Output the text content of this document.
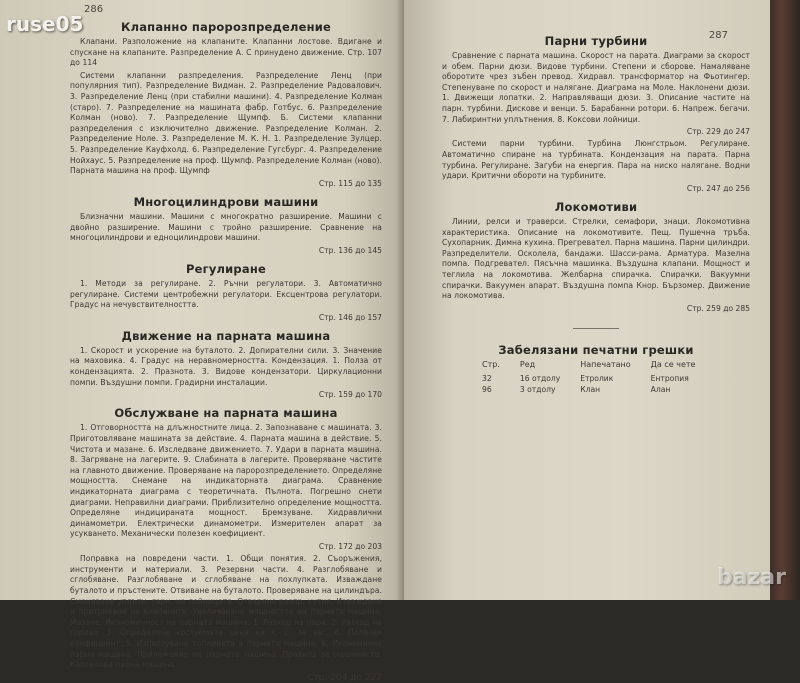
286
Клапанно паророзпределение

Клапани. Разположение на клапаните. Клапанни лостове. Вдигане и спускане на клапаните. Разпределение А. С принудено движение. Стр. 107 до 114

Системи клапанни разпределения. Разпределение Ленц (при популярния тип). Разпределение Видман. 2. Разпределение Радовалович. 3. Разпределение Ленц (при стабилни машини). 4. Разпределение Колман (старо). 7. Разпределение на машината фабр. Готбус. 6. Разпределение Колман (ново). 7. Разпределение Щумпф. Б. Системи клапанни разпределения с изключително движение. Разпределение Колман. 2. Разпределение Ноле. 3. Разпределение М. К. Н. 1. Разпределение Зулцер. 5. Разпределение Кауфхолд. 6. Разпределение Гугсбург. 4. Разпределение Нойхаус. 5. Разпределение на проф. Щумпф. Разпределение Колман (ново). Парната машина на проф. Щумпф

Стр. 115 до 135
Многоцилиндрови машини

Близначни машини. Машини с многократно разширение. Машини с двойно разширение. Машини с тройно разширение. Сравнение на многоцилиндрови и едноцилиндрови машини.

Стр. 136 до 145
Регулиране

1. Методи за регулиране. 2. Ръчни регулатори. 3. Автоматично регулиране. Системи центробежни регулатори. Ексцентрова регулатори. Градус на нечувствителността.

Стр. 146 до 157
Движение на парната машина

1. Скорост и ускорение на буталото. 2. Допирателни сили. 3. Значение на маховика. 4. Градус на неравномерността. Кондензация. 1. Полза от кондензацията. 2. Празнота. 3. Видове кондензатори. Циркулационни помпи. Въздушни помпи. Градирни инсталации.

Стр. 159 до 170
Обслужване на парната машина

1. Отговорността на длъжностните лица. 2. Запознаване с машината. 3. Приготовляване машината за действие. 4. Парната машина в действие. 5. Чистота и мазане. 6. Изследване движението. 7. Удари в парната машина. 8. Загряване на лагерите. 9. Слабината в лагерите. Проверяване частите на главното движение. Проверяване на паророзпределението. Определяне мощността. Снемане на индикаторната диаграма. Сравнение индикаторната диаграма с теоретичната. Пълнота. Погрешно снети диаграми. Неправилни диаграми. Приблизително определение мощността. Определяне индицираната мощност. Бремзуване. Хидравлични динамометри. Електрически динамометри. Измерителен апарат за усукването. Механически полезен коефициент.

Стр. 172 до 203

Поправка на повредени части. 1. Общи понятия. 2. Съоръжения, инструменти и материали. 3. Резервни части. 4. Разглобяване и сглобяване. Разглобяване и сглобяване на похлупката. Изваждане буталото и пръстените. Отвиване на буталото. Проверяване на цилиндъра. Сменяване уплътн. гарн. на лойницата. Отваряне разпр. кутия. Изваждане и притриване на клапаните. Увеличаване мощността на парната машина. Мазане. Икономичност на парната машина. 1. Разход на пара. 2. Разход на гориво. 3. Определяне костуемата цена на к. с. за час. 4. Полезен коефициент. 5. Използуване топлината в парната машина. 6. Икономична парна машина. Приложение на парната машина. Правила за машиниста. Капселова парна машина.

Стр. 204 до 227
287
Парни турбини

Сравнение с парната машина. Скорост на парата. Диаграми за скорост и обем. Парни дюзи. Видове турбини. Степени и сборове. Намаляване оборотите чрез зъбен превод. Хидравл. трансформатор на Фьотингер. Степенуване по скорост и налягане. Диаграма на Моле. Наклонени дюзи. 1. Движещи лопатки. 2. Направляващи дюзи. 3. Описание частите на парн. турбини. Дискове и венци. 5. Барабанни ротори. 6. Напреж. бегачи. 7. Лабиринтни уплътнения. 8. Коксови лойници.

Стр. 229 до 247

Системи парни турбини. Турбина Люнгстрьом. Регулиране. Автоматично спиране на турбината. Кондензация на парата. Парна турбина. Регулиране. Загуби на енергия. Пара на ниско налягане. Водни удари. Критични обороти на турбините.

Стр. 247 до 256
Локомотиви

Линии, релси и траверси. Стрелки, семафори, знаци. Локомотивна характеристика. Описание на локомотивите. Пещ. Пушечна тръба. Сухопарник. Димна кухина. Прегревател. Парна машина. Парни цилиндри. Разпределители. Осколела, бандажи. Шасси-рама. Арматура. Мазелна помпа. Подгревател. Пясъчна машинка. Въздушна клапани. Мощност и теглила на локомотива. Желбарна спирачка. Спирачки. Вакуумни спирачки. Вакуумен апарат. Въздушна помпа Кнор. Бързомер. Движение на локомотива.

Стр. 259 до 285
Забелязани печатни грешки
Стр.	Ред	Напечатано	Да се чете
32	16 отдолу	Етролик	Ентропия
96	3 отдолу	Клан	Алан
ruse05
bazar
